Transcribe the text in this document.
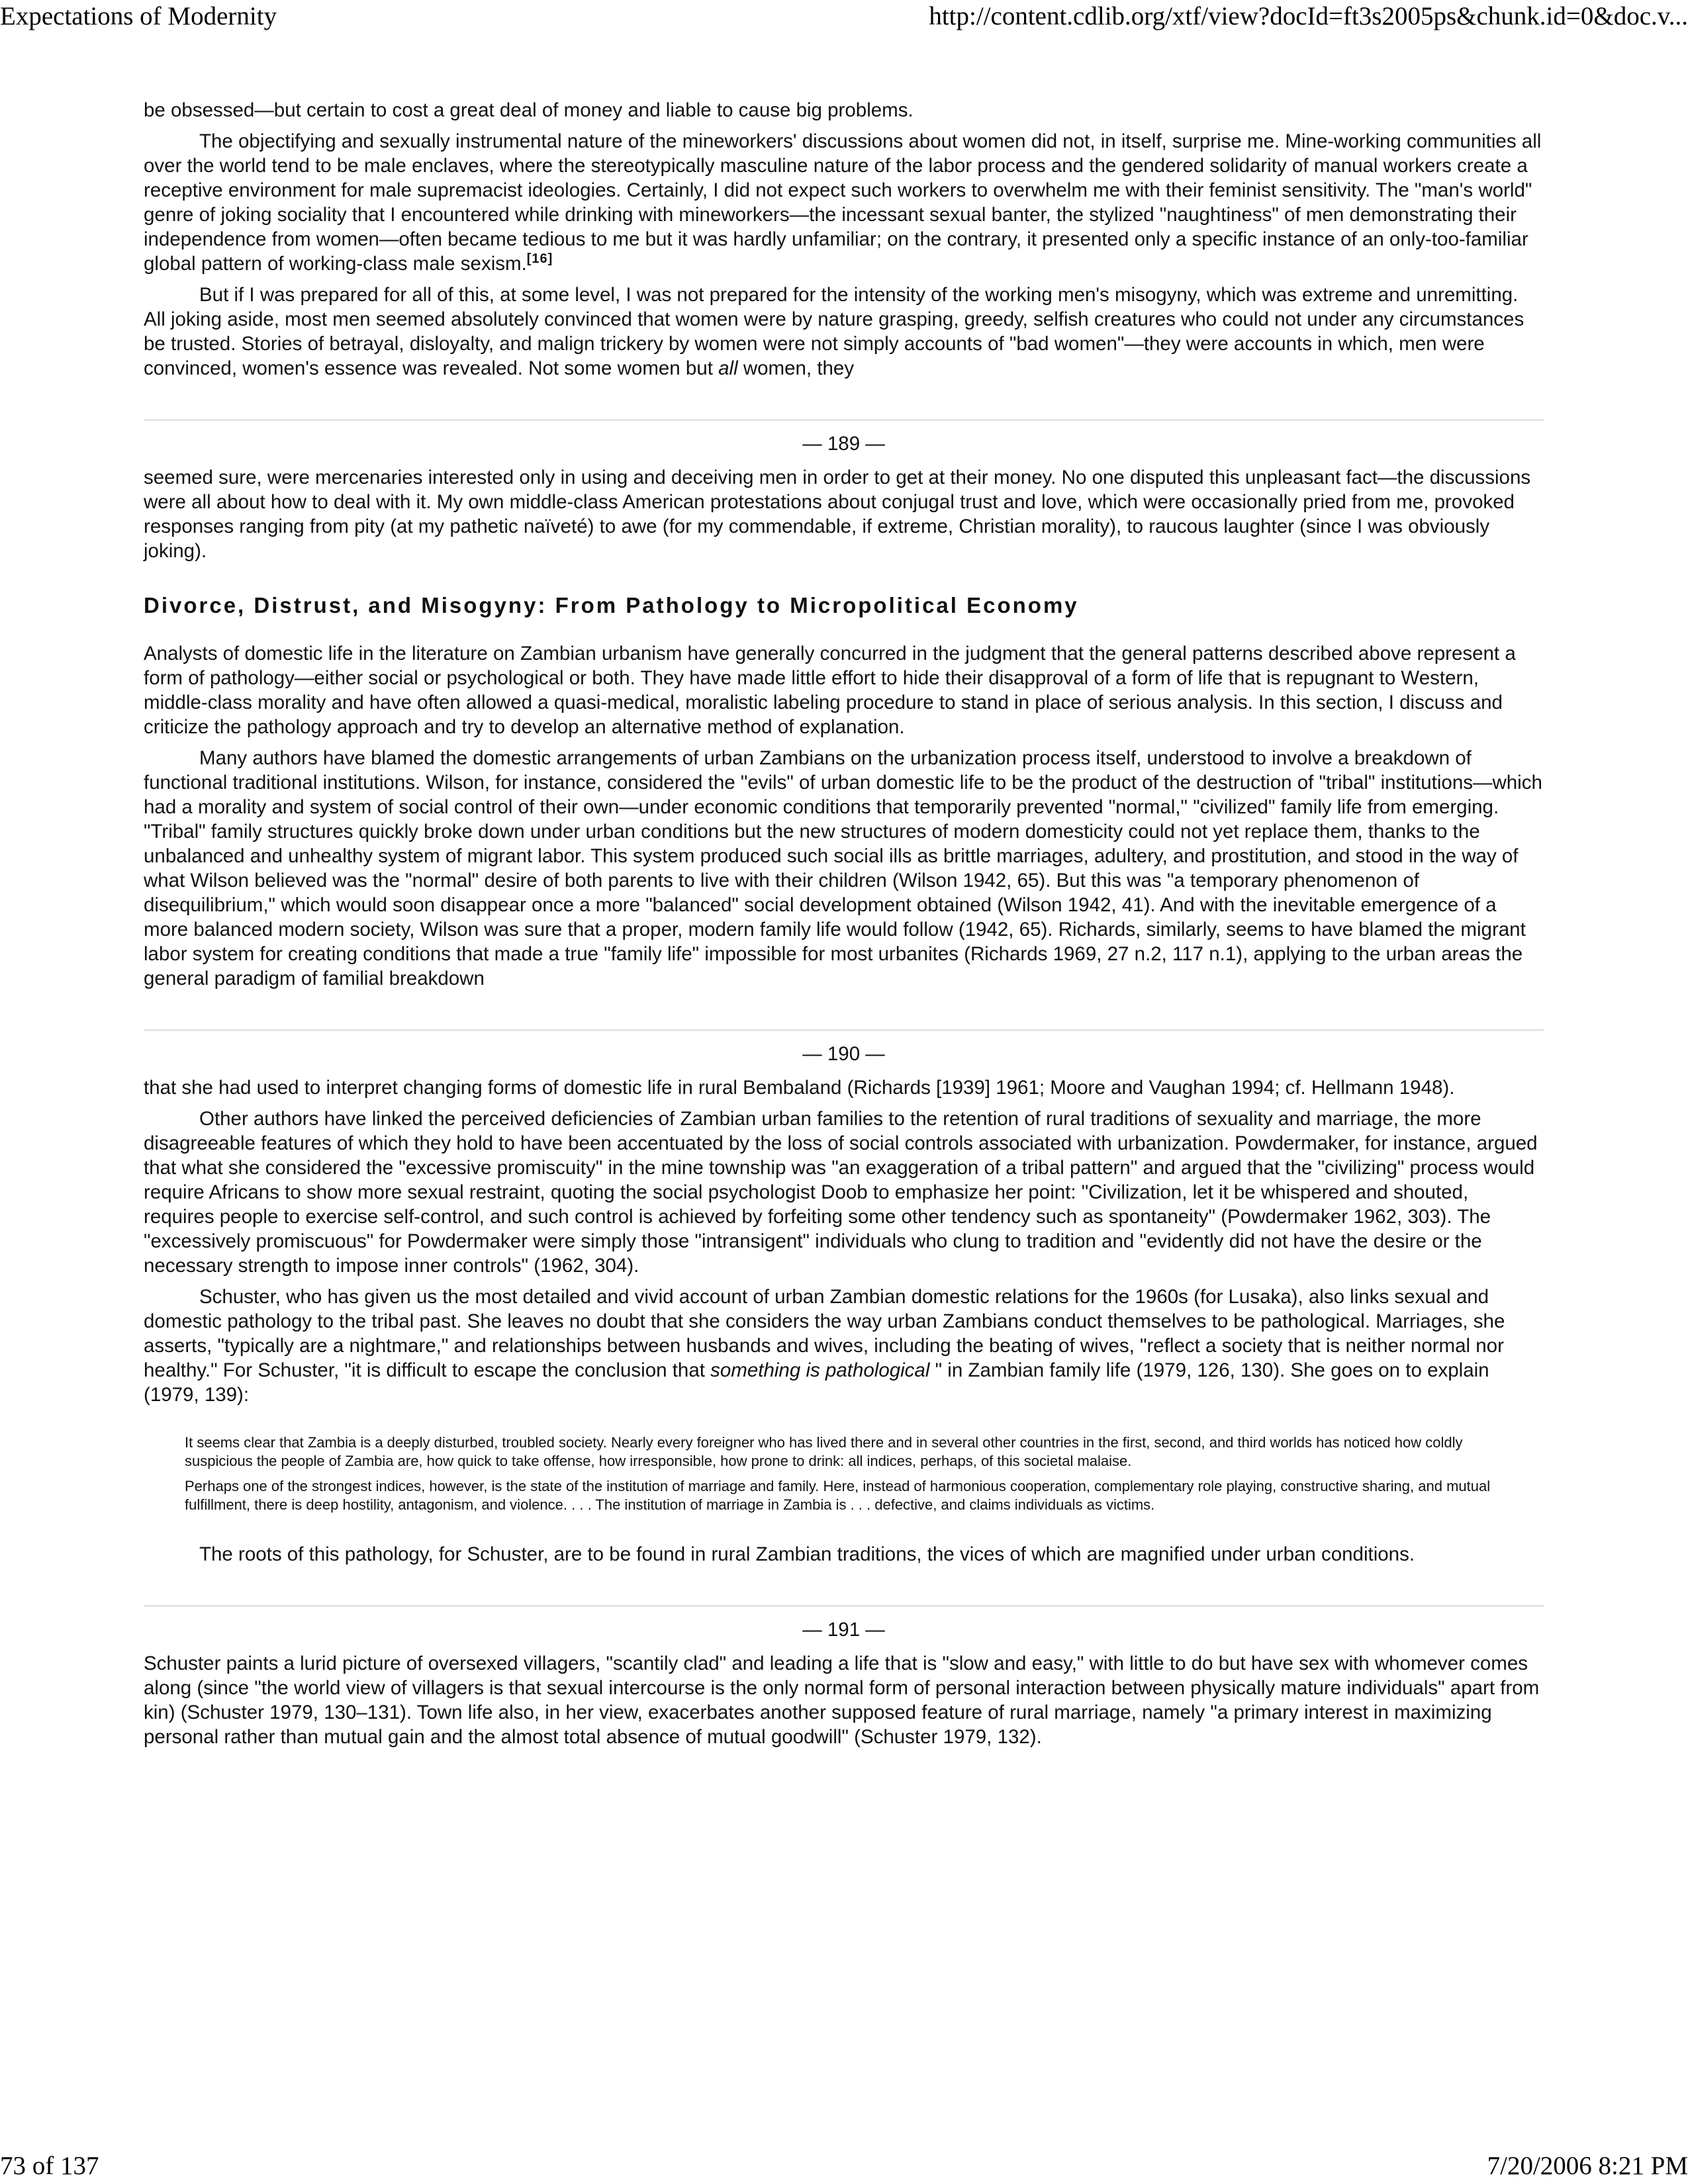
Expectations of Modernity	http://content.cdlib.org/xtf/view?docId=ft3s2005ps&chunk.id=0&doc.v...

be obsessed—but certain to cost a great deal of money and liable to cause big problems.

The objectifying and sexually instrumental nature of the mineworkers' discussions about women did not, in itself, surprise me. Mine-working communities all over the world tend to be male enclaves, where the stereotypically masculine nature of the labor process and the gendered solidarity of manual workers create a receptive environment for male supremacist ideologies. Certainly, I did not expect such workers to overwhelm me with their feminist sensitivity. The "man's world" genre of joking sociality that I encountered while drinking with mineworkers—the incessant sexual banter, the stylized "naughtiness" of men demonstrating their independence from women—often became tedious to me but it was hardly unfamiliar; on the contrary, it presented only a specific instance of an only-too-familiar global pattern of working-class male sexism.[16]

But if I was prepared for all of this, at some level, I was not prepared for the intensity of the working men's misogyny, which was extreme and unremitting. All joking aside, most men seemed absolutely convinced that women were by nature grasping, greedy, selfish creatures who could not under any circumstances be trusted. Stories of betrayal, disloyalty, and malign trickery by women were not simply accounts of "bad women"—they were accounts in which, men were convinced, women's essence was revealed. Not some women but all women, they

— 189 —

seemed sure, were mercenaries interested only in using and deceiving men in order to get at their money. No one disputed this unpleasant fact—the discussions were all about how to deal with it. My own middle-class American protestations about conjugal trust and love, which were occasionally pried from me, provoked responses ranging from pity (at my pathetic naïveté) to awe (for my commendable, if extreme, Christian morality), to raucous laughter (since I was obviously joking).

Divorce, Distrust, and Misogyny: From Pathology to Micropolitical Economy

Analysts of domestic life in the literature on Zambian urbanism have generally concurred in the judgment that the general patterns described above represent a form of pathology—either social or psychological or both. They have made little effort to hide their disapproval of a form of life that is repugnant to Western, middle-class morality and have often allowed a quasi-medical, moralistic labeling procedure to stand in place of serious analysis. In this section, I discuss and criticize the pathology approach and try to develop an alternative method of explanation.

Many authors have blamed the domestic arrangements of urban Zambians on the urbanization process itself, understood to involve a breakdown of functional traditional institutions. Wilson, for instance, considered the "evils" of urban domestic life to be the product of the destruction of "tribal" institutions—which had a morality and system of social control of their own—under economic conditions that temporarily prevented "normal," "civilized" family life from emerging. "Tribal" family structures quickly broke down under urban conditions but the new structures of modern domesticity could not yet replace them, thanks to the unbalanced and unhealthy system of migrant labor. This system produced such social ills as brittle marriages, adultery, and prostitution, and stood in the way of what Wilson believed was the "normal" desire of both parents to live with their children (Wilson 1942, 65). But this was "a temporary phenomenon of disequilibrium," which would soon disappear once a more "balanced" social development obtained (Wilson 1942, 41). And with the inevitable emergence of a more balanced modern society, Wilson was sure that a proper, modern family life would follow (1942, 65). Richards, similarly, seems to have blamed the migrant labor system for creating conditions that made a true "family life" impossible for most urbanites (Richards 1969, 27 n.2, 117 n.1), applying to the urban areas the general paradigm of familial breakdown

— 190 —

that she had used to interpret changing forms of domestic life in rural Bembaland (Richards [1939] 1961; Moore and Vaughan 1994; cf. Hellmann 1948).

Other authors have linked the perceived deficiencies of Zambian urban families to the retention of rural traditions of sexuality and marriage, the more disagreeable features of which they hold to have been accentuated by the loss of social controls associated with urbanization. Powdermaker, for instance, argued that what she considered the "excessive promiscuity" in the mine township was "an exaggeration of a tribal pattern" and argued that the "civilizing" process would require Africans to show more sexual restraint, quoting the social psychologist Doob to emphasize her point: "Civilization, let it be whispered and shouted, requires people to exercise self-control, and such control is achieved by forfeiting some other tendency such as spontaneity" (Powdermaker 1962, 303). The "excessively promiscuous" for Powdermaker were simply those "intransigent" individuals who clung to tradition and "evidently did not have the desire or the necessary strength to impose inner controls" (1962, 304).

Schuster, who has given us the most detailed and vivid account of urban Zambian domestic relations for the 1960s (for Lusaka), also links sexual and domestic pathology to the tribal past. She leaves no doubt that she considers the way urban Zambians conduct themselves to be pathological. Marriages, she asserts, "typically are a nightmare," and relationships between husbands and wives, including the beating of wives, "reflect a society that is neither normal nor healthy." For Schuster, "it is difficult to escape the conclusion that something is pathological " in Zambian family life (1979, 126, 130). She goes on to explain (1979, 139):

It seems clear that Zambia is a deeply disturbed, troubled society. Nearly every foreigner who has lived there and in several other countries in the first, second, and third worlds has noticed how coldly suspicious the people of Zambia are, how quick to take offense, how irresponsible, how prone to drink: all indices, perhaps, of this societal malaise.

Perhaps one of the strongest indices, however, is the state of the institution of marriage and family. Here, instead of harmonious cooperation, complementary role playing, constructive sharing, and mutual fulfillment, there is deep hostility, antagonism, and violence. . . . The institution of marriage in Zambia is . . . defective, and claims individuals as victims.

The roots of this pathology, for Schuster, are to be found in rural Zambian traditions, the vices of which are magnified under urban conditions.

— 191 —

Schuster paints a lurid picture of oversexed villagers, "scantily clad" and leading a life that is "slow and easy," with little to do but have sex with whomever comes along (since "the world view of villagers is that sexual intercourse is the only normal form of personal interaction between physically mature individuals" apart from kin) (Schuster 1979, 130–131). Town life also, in her view, exacerbates another supposed feature of rural marriage, namely "a primary interest in maximizing personal rather than mutual gain and the almost total absence of mutual goodwill" (Schuster 1979, 132).

73 of 137	7/20/2006 8:21 PM
